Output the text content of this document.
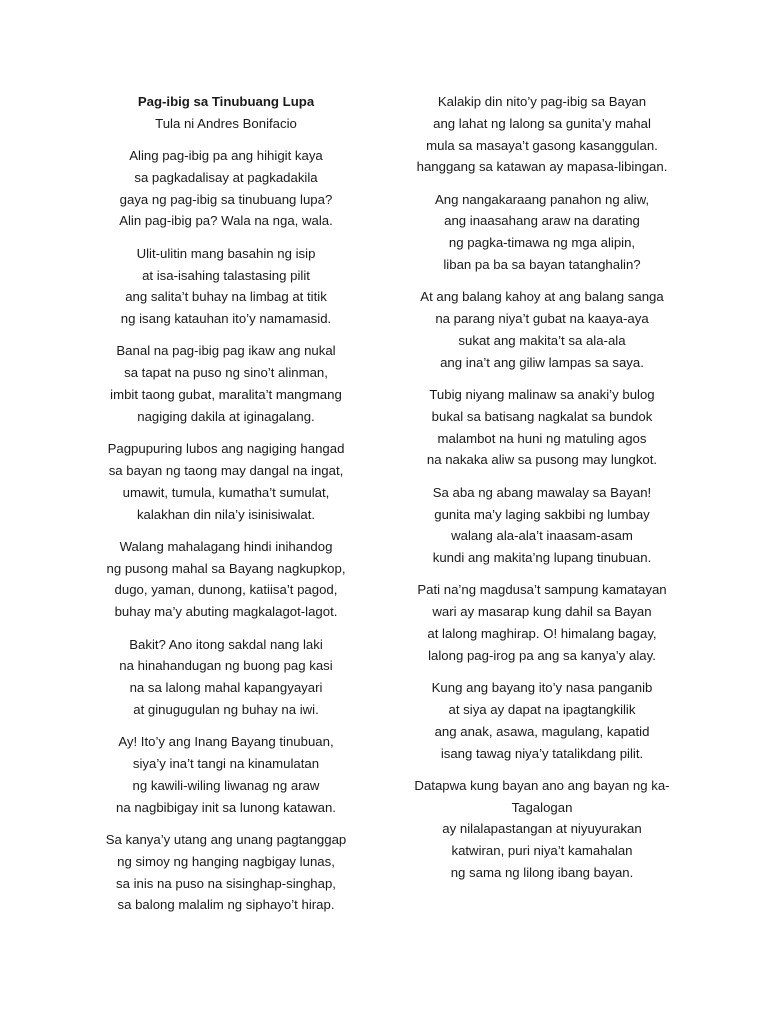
Pag-ibig sa Tinubuang Lupa

Tula ni Andres Bonifacio

Aling pag-ibig pa ang hihigit kaya
sa pagkadalisay at pagkadakila
gaya ng pag-ibig sa tinubuang lupa?
Alin pag-ibig pa? Wala na nga, wala.
Ulit-ulitin mang basahin ng isip
at isa-isahing talastasing pilit
ang salita’t buhay na limbag at titik
ng isang katauhan ito’y namamasid.
Banal na pag-ibig pag ikaw ang nukal
sa tapat na puso ng sino’t alinman,
imbit taong gubat, maralita’t mangmang
nagiging dakila at iginagalang.
Pagpupuring lubos ang nagiging hangad
sa bayan ng taong may dangal na ingat,
umawit, tumula, kumatha’t sumulat,
kalakhan din nila’y isinisiwalat.
Walang mahalagang hindi inihandog
ng pusong mahal sa Bayang nagkupkop,
dugo, yaman, dunong, katiisa’t pagod,
buhay ma’y abuting magkalagot-lagot.
Bakit? Ano itong sakdal nang laki
na hinahandugan ng buong pag kasi
na sa lalong mahal kapangyayari
at ginugugulan ng buhay na iwi.
Ay! Ito’y ang Inang Bayang tinubuan,
siya’y ina’t tangi na kinamulatan
ng kawili-wiling liwanag ng araw
na nagbibigay init sa lunong katawan.
Sa kanya’y utang ang unang pagtanggap
ng simoy ng hanging nagbigay lunas,
sa inis na puso na sisinghap-singhap,
sa balong malalim ng siphayo’t hirap.
Kalakip din nito’y pag-ibig sa Bayan
ang lahat ng lalong sa gunita’y mahal
mula sa masaya’t gasong kasanggulan.
hanggang sa katawan ay mapasa-libingan.
Ang nangakaraang panahon ng aliw,
ang inaasahang araw na darating
ng pagka-timawa ng mga alipin,
liban pa ba sa bayan tatanghalin?
At ang balang kahoy at ang balang sanga
na parang niya’t gubat na kaaya-aya
sukat ang makita’t sa ala-ala
ang ina’t ang giliw lampas sa saya.
Tubig niyang malinaw sa anaki’y bulog
bukal sa batisang nagkalat sa bundok
malambot na huni ng matuling agos
na nakaka aliw sa pusong may lungkot.
Sa aba ng abang mawalay sa Bayan!
gunita ma’y laging sakbibi ng lumbay
walang ala-ala’t inaasam-asam
kundi ang makita’ng lupang tinubuan.
Pati na’ng magdusa’t sampung kamatayan
wari ay masarap kung dahil sa Bayan
at lalong maghirap. O! himalang bagay,
lalong pag-irog pa ang sa kanya’y alay.
Kung ang bayang ito’y nasa panganib
at siya ay dapat na ipagtangkilik
ang anak, asawa, magulang, kapatid
isang tawag niya’y tatalikdang pilit.
Datapwa kung bayan ano ang bayan ng ka-Tagalogan
ay nilalapastangan at niyuyurakan
katwiran, puri niya’t kamahalan
ng sama ng lilong ibang bayan.
